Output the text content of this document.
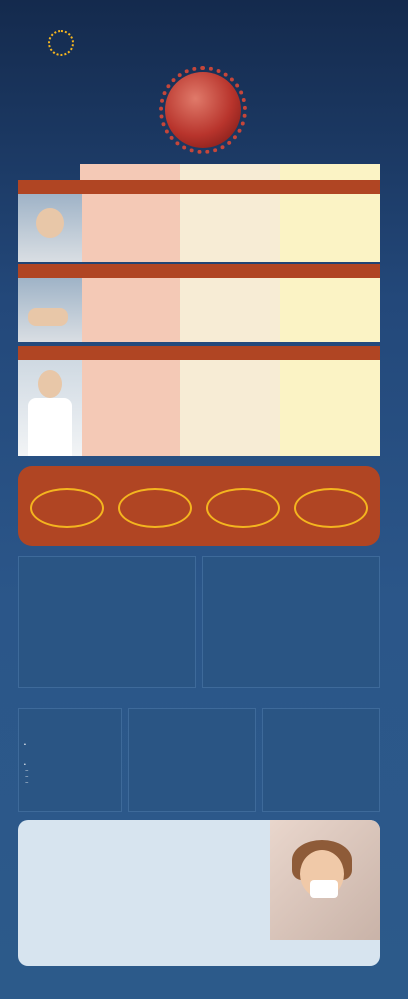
•

•
–
–
–
